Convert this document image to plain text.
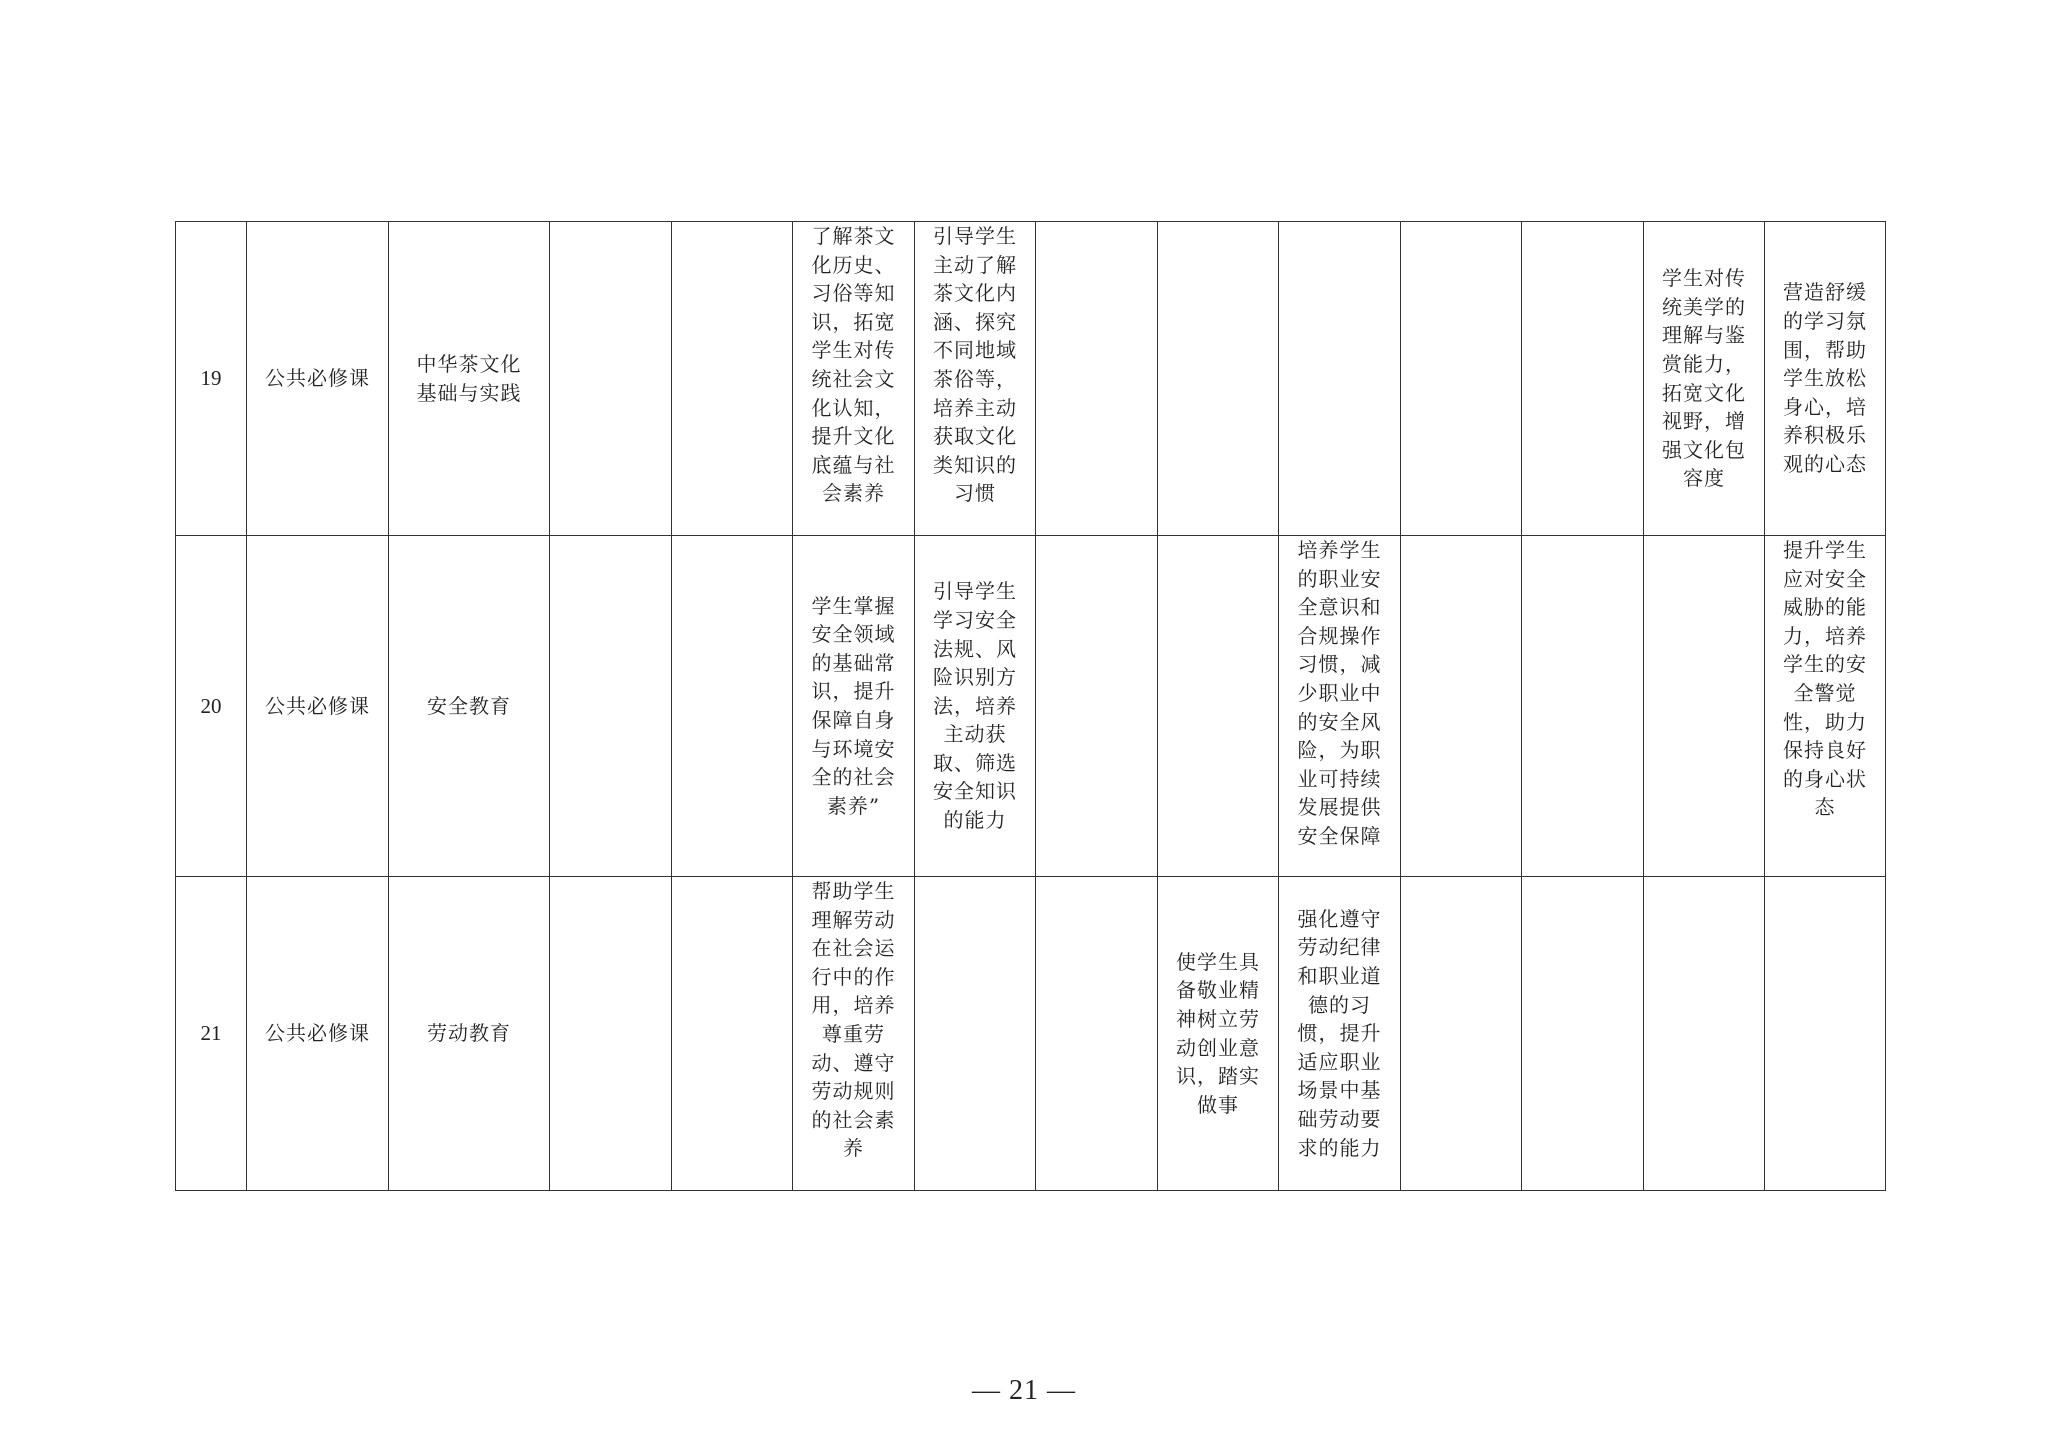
19	公共必修课	中华茶文化基础与实践			了解茶文化历史、习俗等知识，拓宽学生对传统社会文化认知，提升文化底蕴与社会素养	引导学生主动了解茶文化内涵、探究不同地域茶俗等，培养主动获取文化类知识的习惯						学生对传统美学的理解与鉴赏能力，拓宽文化视野，增强文化包容度	营造舒缓的学习氛围，帮助学生放松身心，培养积极乐观的心态
20	公共必修课	安全教育			学生掌握安全领域的基础常识，提升保障自身与环境安全的社会素养”	引导学生学习安全法规、风险识别方法，培养主动获取、筛选安全知识的能力			培养学生的职业安全意识和合规操作习惯，减少职业中的安全风险，为职业可持续发展提供安全保障				提升学生应对安全威胁的能力，培养学生的安全警觉性，助力保持良好的身心状态
21	公共必修课	劳动教育			帮助学生理解劳动在社会运行中的作用，培养尊重劳动、遵守劳动规则的社会素养			使学生具备敬业精神树立劳动创业意识，踏实做事	强化遵守劳动纪律和职业道德的习惯，提升适应职业场景中基础劳动要求的能力				
— 21 —
